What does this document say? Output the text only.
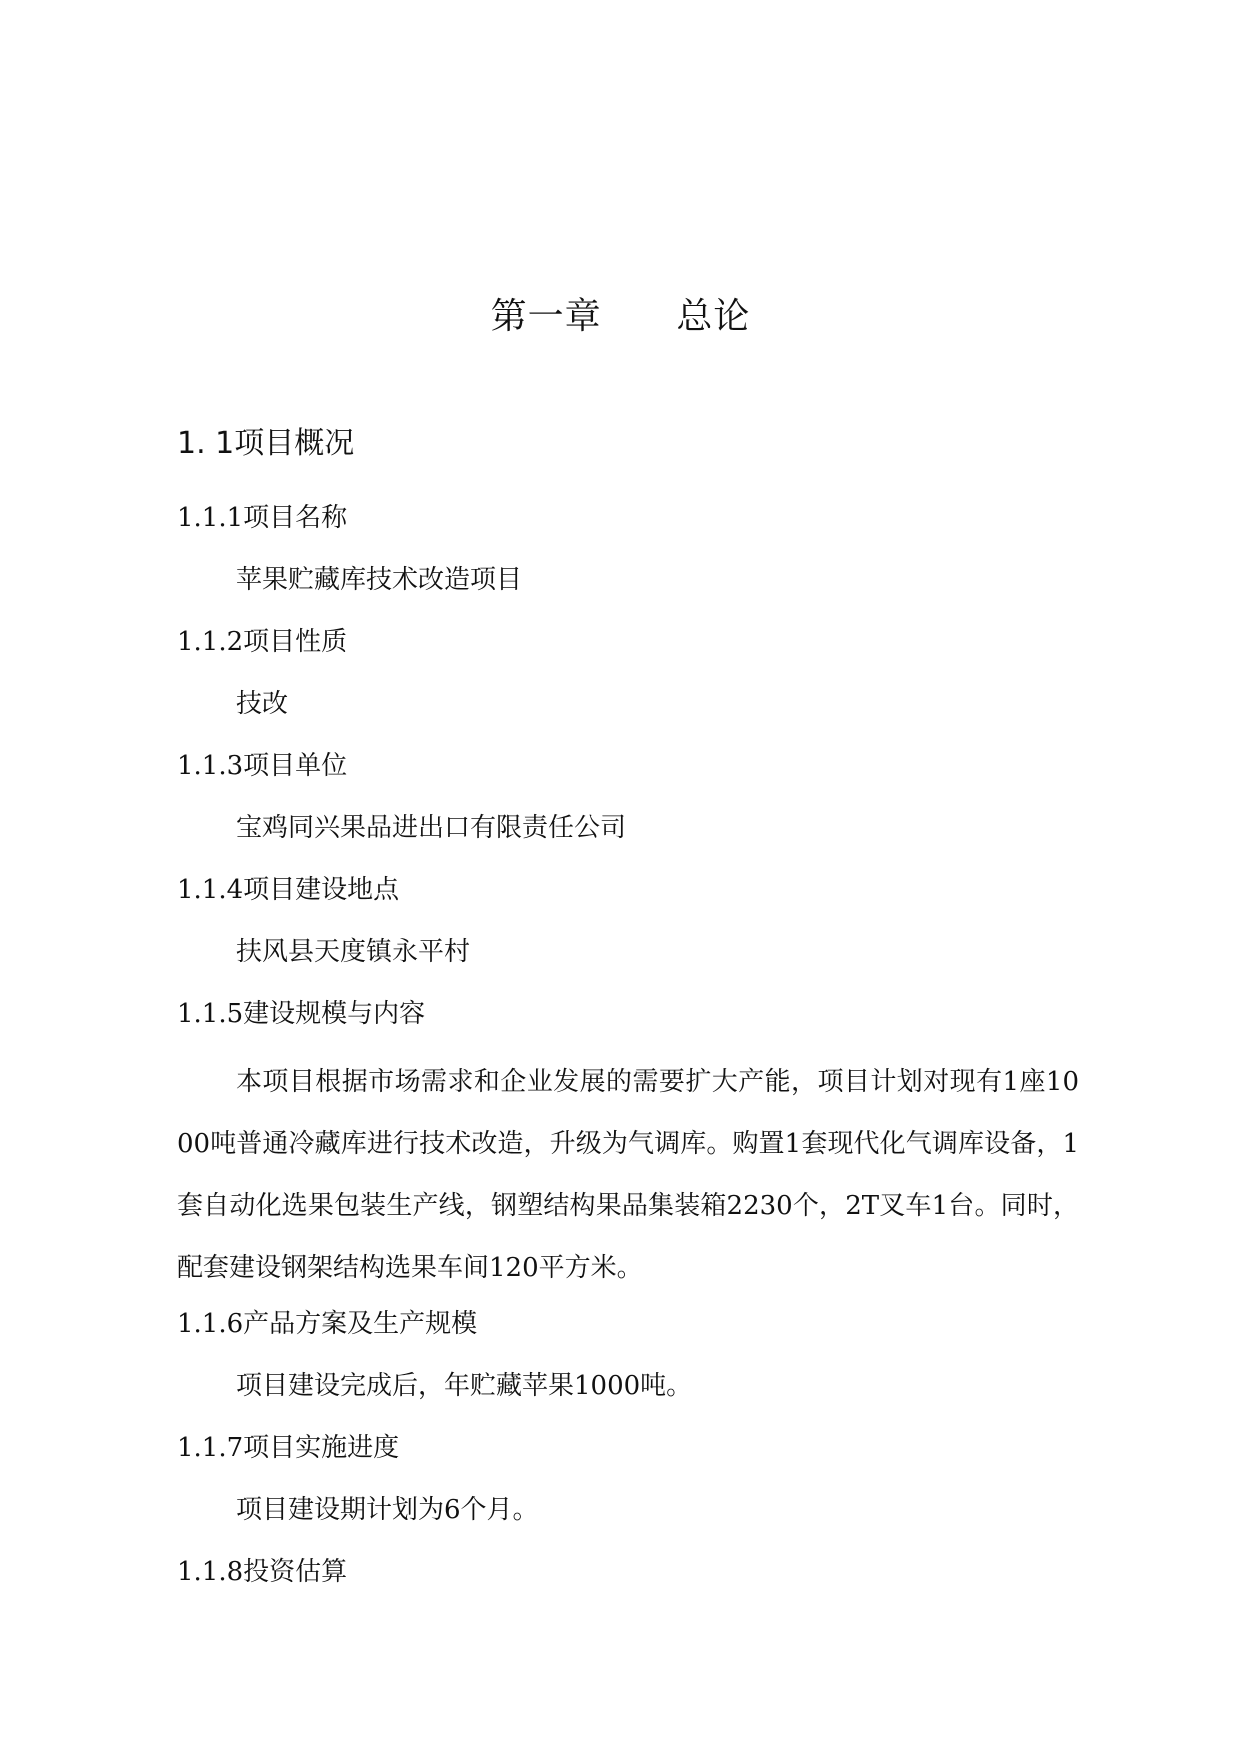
第一章      总论
1. 1项目概况
1.1.1项目名称
苹果贮藏库技术改造项目
1.1.2项目性质
技改
1.1.3项目单位
宝鸡同兴果品进出口有限责任公司
1.1.4项目建设地点
扶风县天度镇永平村
1.1.5建设规模与内容
本项目根据市场需求和企业发展的需要扩大产能，项目计划对现有1座1000吨普通冷藏库进行技术改造，升级为气调库。购置1套现代化气调库设备，1套自动化选果包装生产线，钢塑结构果品集装箱2230个，2T叉车1台。同时，配套建设钢架结构选果车间120平方米。
1.1.6产品方案及生产规模
项目建设完成后，年贮藏苹果1000吨。
1.1.7项目实施进度
项目建设期计划为6个月。
1.1.8投资估算
